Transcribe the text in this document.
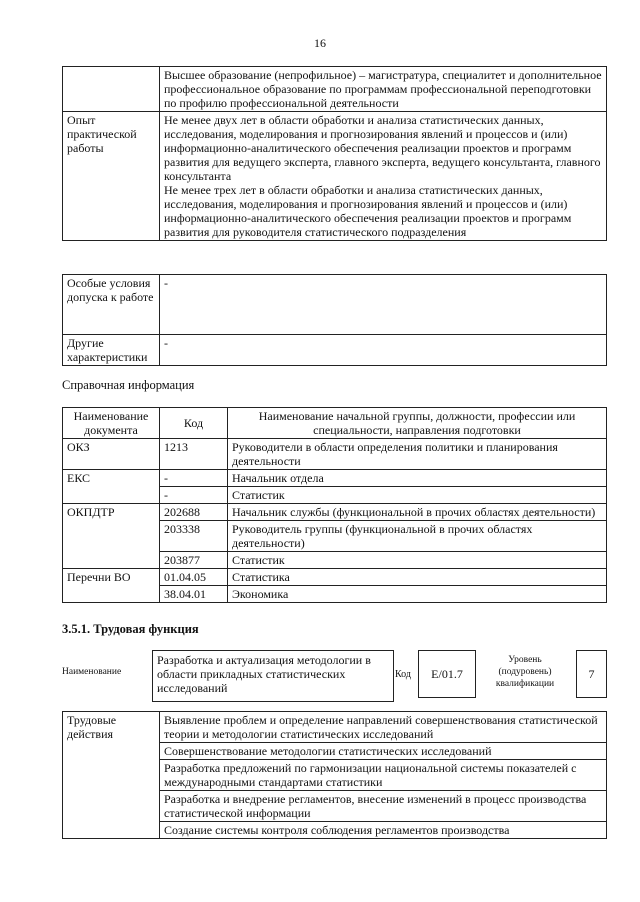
16
	Высшее образование (непрофильное) – магистратура, специалитет и дополнительное профессиональное образование по программам профессиональной переподготовки по профилю профессиональной деятельности
Опыт практической работы	Не менее двух лет в области обработки и анализа статистических данных, исследования, моделирования и прогнозирования явлений и процессов и (или) информационно-аналитического обеспечения реализации проектов и программ развития для ведущего эксперта, главного эксперта, ведущего консультанта, главного консультанта
Не менее трех лет в области обработки и анализа статистических данных, исследования, моделирования и прогнозирования явлений и процессов и (или) информационно-аналитического обеспечения реализации проектов и программ развития для руководителя статистического подразделения
Особые условия допуска к работе	-
Другие характеристики	-
Справочная информация
Наименование документа	Код	Наименование начальной группы, должности, профессии или специальности, направления подготовки
ОКЗ	1213	Руководители в области определения политики и планирования деятельности
ЕКС	-	Начальник отдела
	-	Статистик
ОКПДТР	202688	Начальник службы (функциональной в прочих областях деятельности)
	203338	Руководитель группы (функциональной в прочих областях деятельности)
	203877	Статистик
Перечни ВО	01.04.05	Статистика
	38.04.01	Экономика
3.5.1. Трудовая функция
Наименование
Разработка и актуализация методологии в области прикладных статистических исследований
Код	E/01.7
Уровень (подуровень) квалификации
7
Трудовые действия	Выявление проблем и определение направлений совершенствования статистической теории и методологии статистических исследований
Совершенствование методологии статистических исследований
Разработка предложений по гармонизации национальной системы показателей с международными стандартами статистики
Разработка и внедрение регламентов, внесение изменений в процесс производства статистической информации
Создание системы контроля соблюдения регламентов производства
